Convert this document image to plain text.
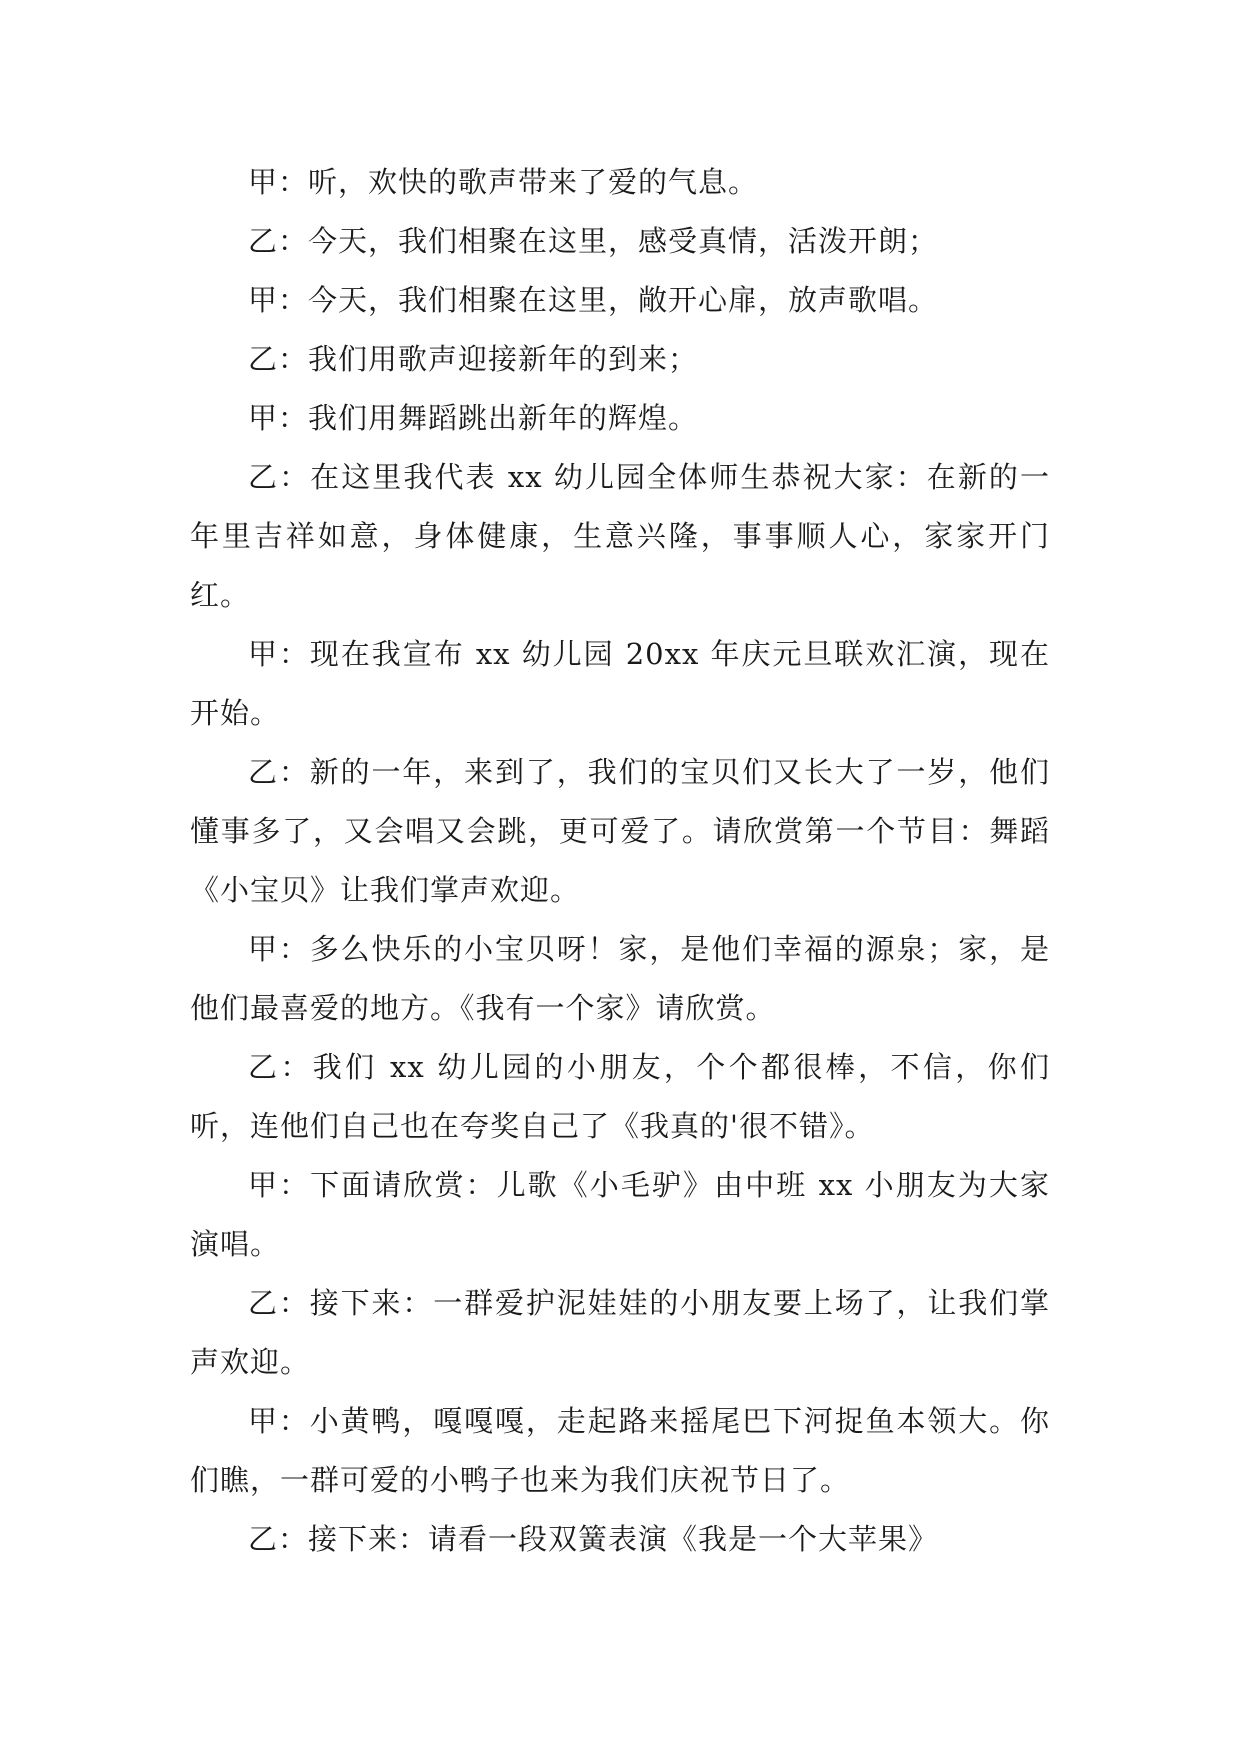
甲：听，欢快的歌声带来了爱的气息。

乙：今天，我们相聚在这里，感受真情，活泼开朗；

甲：今天，我们相聚在这里，敞开心扉，放声歌唱。

乙：我们用歌声迎接新年的到来；

甲：我们用舞蹈跳出新年的辉煌。

乙：在这里我代表 xx 幼儿园全体师生恭祝大家：在新的一年里吉祥如意，身体健康，生意兴隆，事事顺人心，家家开门红。

甲：现在我宣布 xx 幼儿园 20xx 年庆元旦联欢汇演，现在开始。

乙：新的一年，来到了，我们的宝贝们又长大了一岁，他们懂事多了，又会唱又会跳，更可爱了。请欣赏第一个节目：舞蹈《小宝贝》让我们掌声欢迎。

甲：多么快乐的小宝贝呀！家，是他们幸福的源泉；家，是他们最喜爱的地方。《我有一个家》请欣赏。

乙：我们 xx 幼儿园的小朋友，个个都很棒，不信，你们听，连他们自己也在夸奖自己了《我真的'很不错》。

甲：下面请欣赏：儿歌《小毛驴》由中班 xx 小朋友为大家演唱。

乙：接下来：一群爱护泥娃娃的小朋友要上场了，让我们掌声欢迎。

甲：小黄鸭，嘎嘎嘎，走起路来摇尾巴下河捉鱼本领大。你们瞧，一群可爱的小鸭子也来为我们庆祝节日了。

乙：接下来：请看一段双簧表演《我是一个大苹果》
